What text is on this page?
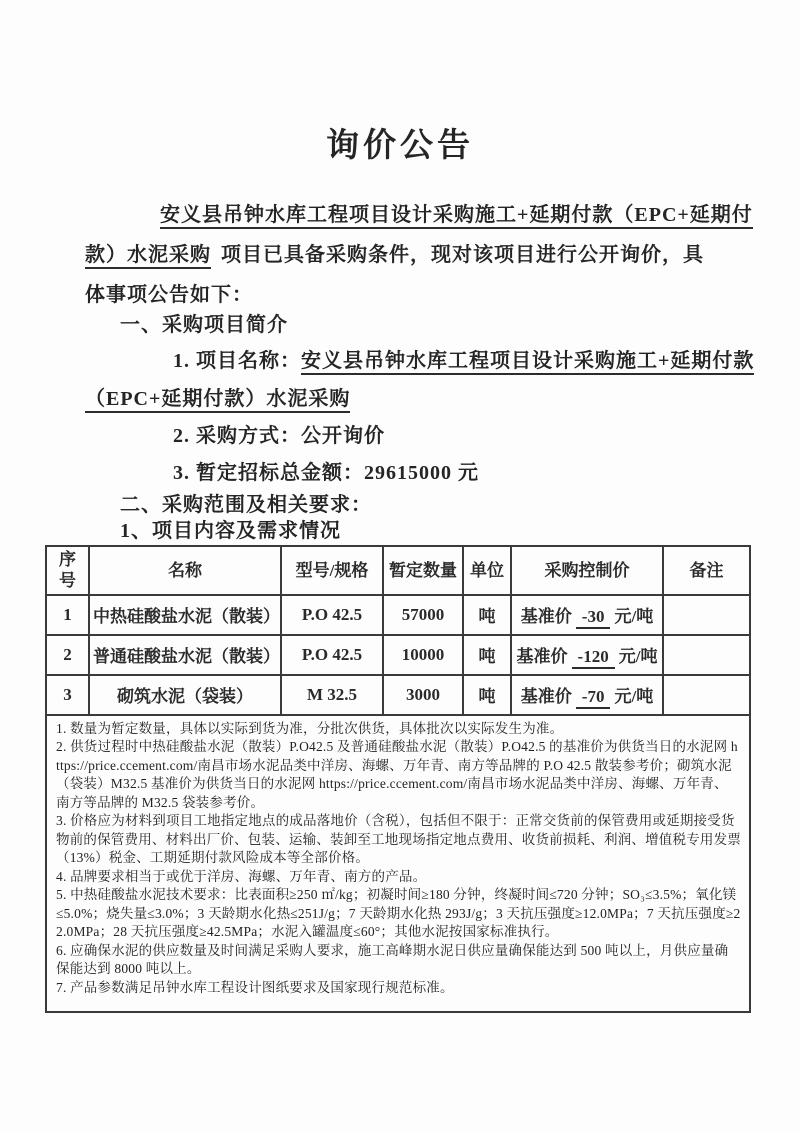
询价公告
安义县吊钟水库工程项目设计采购施工+延期付款（EPC+延期付
款）水泥采购 项目已具备采购条件，现对该项目进行公开询价，具
体事项公告如下：
一、采购项目简介
1. 项目名称：安义县吊钟水库工程项目设计采购施工+延期付款
（EPC+延期付款）水泥采购
2. 采购方式：公开询价
3. 暂定招标总金额：29615000 元
二、采购范围及相关要求：
1、项目内容及需求情况
序号	名称	型号/规格	暂定数量	单位	采购控制价	备注
1	中热硅酸盐水泥（散装）	P.O 42.5	57000	吨	基准价 -30 元/吨	
2	普通硅酸盐水泥（散装）	P.O 42.5	10000	吨	基准价 -120 元/吨	
3	砌筑水泥（袋装）	M 32.5	3000	吨	基准价 -70 元/吨	

1. 数量为暂定数量，具体以实际到货为准，分批次供货，具体批次以实际发生为准。
2. 供货过程时中热硅酸盐水泥（散装）P.O42.5 及普通硅酸盐水泥（散装）P.O42.5 的基准价为供货当日的水泥网 https://price.ccement.com/南昌市场水泥品类中洋房、海螺、万年青、南方等品牌的 P.O 42.5 散装参考价；砌筑水泥（袋装）M32.5 基准价为供货当日的水泥网 https://price.ccement.com/南昌市场水泥品类中洋房、海螺、万年青、南方等品牌的 M32.5 袋装参考价。
3. 价格应为材料到项目工地指定地点的成品落地价（含税），包括但不限于：正常交货前的保管费用或延期接受货物前的保管费用、材料出厂价、包装、运输、装卸至工地现场指定地点费用、收货前损耗、利润、增值税专用发票（13%）税金、工期延期付款风险成本等全部价格。
4. 品牌要求相当于或优于洋房、海螺、万年青、南方的产品。
5. 中热硅酸盐水泥技术要求：比表面积≥250 ㎡/kg；初凝时间≥180 分钟，终凝时间≤720 分钟；SO₃≤3.5%；氧化镁≤5.0%；烧失量≤3.0%；3 天龄期水化热≤251J/g；7 天龄期水化热 293J/g；3 天抗压强度≥12.0MPa；7 天抗压强度≥22.0MPa；28 天抗压强度≥42.5MPa；水泥入罐温度≤60°；其他水泥按国家标准执行。
6. 应确保水泥的供应数量及时间满足采购人要求，施工高峰期水泥日供应量确保能达到 500 吨以上，月供应量确保能达到 8000 吨以上。
7. 产品参数满足吊钟水库工程设计图纸要求及国家现行规范标准。
